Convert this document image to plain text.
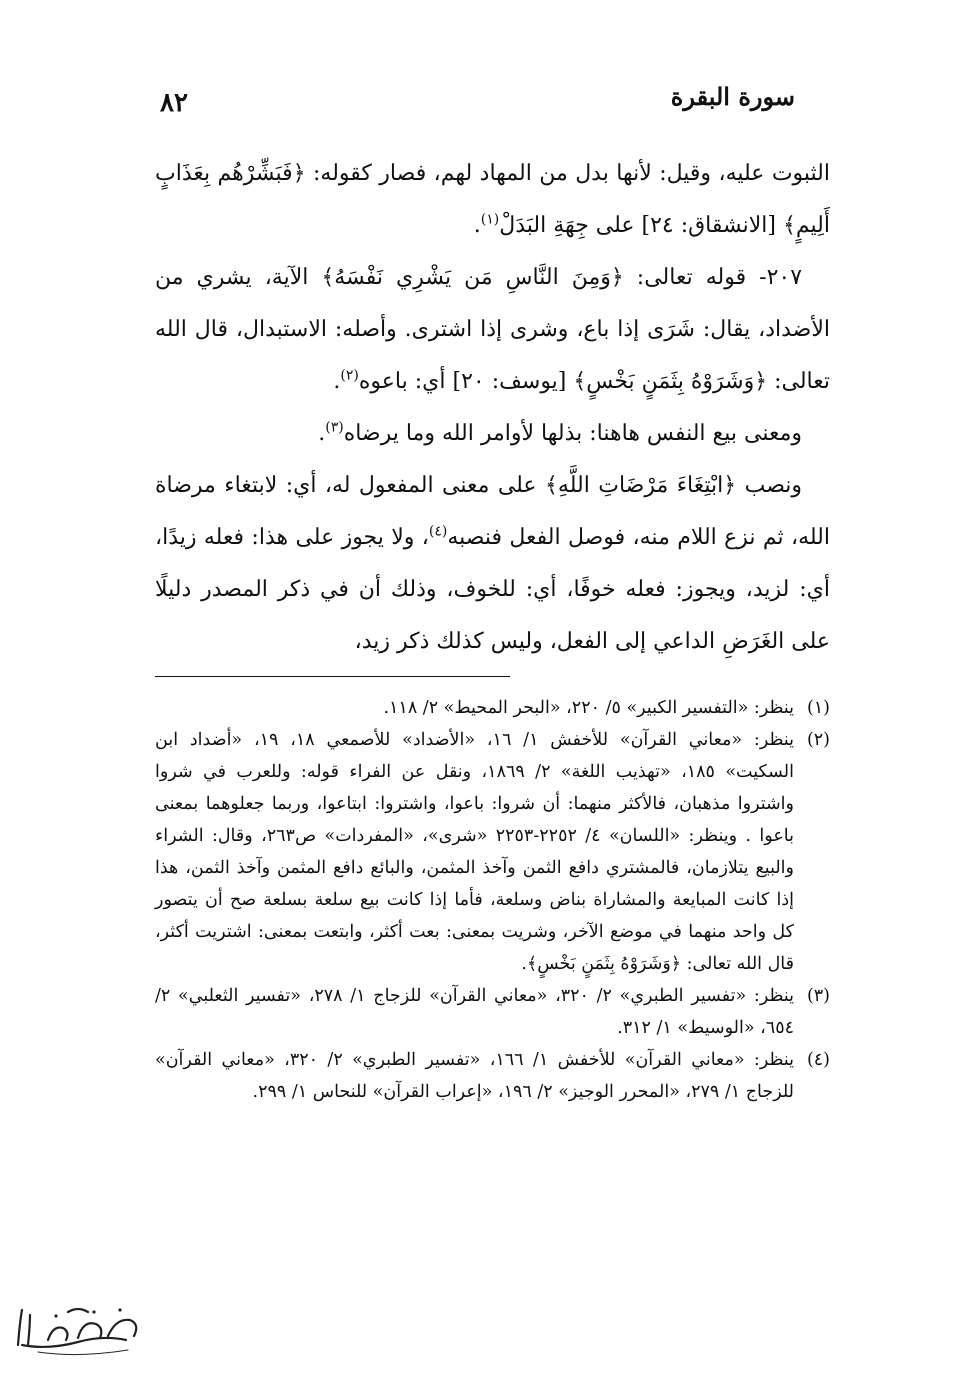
سورة البقرة
٨٢

الثبوت عليه، وقيل: لأنها بدل من المهاد لهم، فصار كقوله: ﴿فَبَشِّرْهُم بِعَذَابٍ أَلِيمٍ﴾ [الانشقاق: ٢٤] على جِهَةِ البَدَلْ$^{(١)}$.

٢٠٧- قوله تعالى: ﴿وَمِنَ النَّاسِ مَن يَشْرِي نَفْسَهُ﴾ الآية، يشري من الأضداد، يقال: شَرَى إذا باع، وشرى إذا اشترى. وأصله: الاستبدال، قال الله تعالى: ﴿وَشَرَوْهُ بِثَمَنٍ بَخْسٍ﴾ [يوسف: ٢٠] أي: باعوه$^{(٢)}$.

ومعنى بيع النفس هاهنا: بذلها لأوامر الله وما يرضاه$^{(٣)}$.

ونصب ﴿ابْتِغَاءَ مَرْضَاتِ اللَّهِ﴾ على معنى المفعول له، أي: لابتغاء مرضاة الله، ثم نزع اللام منه، فوصل الفعل فنصبه$^{(٤)}$، ولا يجوز على هذا: فعله زيدًا، أي: لزيد، ويجوز: فعله خوفًا، أي: للخوف، وذلك أن في ذكر المصدر دليلًا على الغَرَضِ الداعي إلى الفعل، وليس كذلك ذكر زيد،

(١)
ينظر: «التفسير الكبير» ٥/ ٢٢٠، «البحر المحيط» ٢/ ١١٨.

(٢)
ينظر: «معاني القرآن» للأخفش ١/ ١٦، «الأضداد» للأصمعي ١٨، ١٩، «أضداد ابن السكيت» ١٨٥، «تهذيب اللغة» ٢/ ١٨٦٩، ونقل عن الفراء قوله: وللعرب في شروا واشتروا مذهبان، فالأكثر منهما: أن شروا: باعوا، واشتروا: ابتاعوا، وربما جعلوهما بمعنى باعوا . وينظر: «اللسان» ٤/ ٢٢٥٢-٢٢٥٣ «شرى»، «المفردات» ص٢٦٣، وقال: الشراء والبيع يتلازمان، فالمشتري دافع الثمن وآخذ المثمن، والبائع دافع المثمن وآخذ الثمن، هذا إذا كانت المبايعة والمشاراة بناض وسلعة، فأما إذا كانت بيع سلعة بسلعة صح أن يتصور كل واحد منهما في موضع الآخر، وشريت بمعنى: بعت أكثر، وابتعت بمعنى: اشتريت أكثر، قال الله تعالى: ﴿وَشَرَوْهُ بِثَمَنٍ بَخْسٍ﴾.

(٣)
ينظر: «تفسير الطبري» ٢/ ٣٢٠، «معاني القرآن» للزجاج ١/ ٢٧٨، «تفسير الثعلبي» ٢/ ٦٥٤، «الوسيط» ١/ ٣١٢.

(٤)
ينظر: «معاني القرآن» للأخفش ١/ ١٦٦، «تفسير الطبري» ٢/ ٣٢٠، «معاني القرآن» للزجاج ١/ ٢٧٩، «المحرر الوجيز» ٢/ ١٩٦، «إعراب القرآن» للنحاس ١/ ٢٩٩.
